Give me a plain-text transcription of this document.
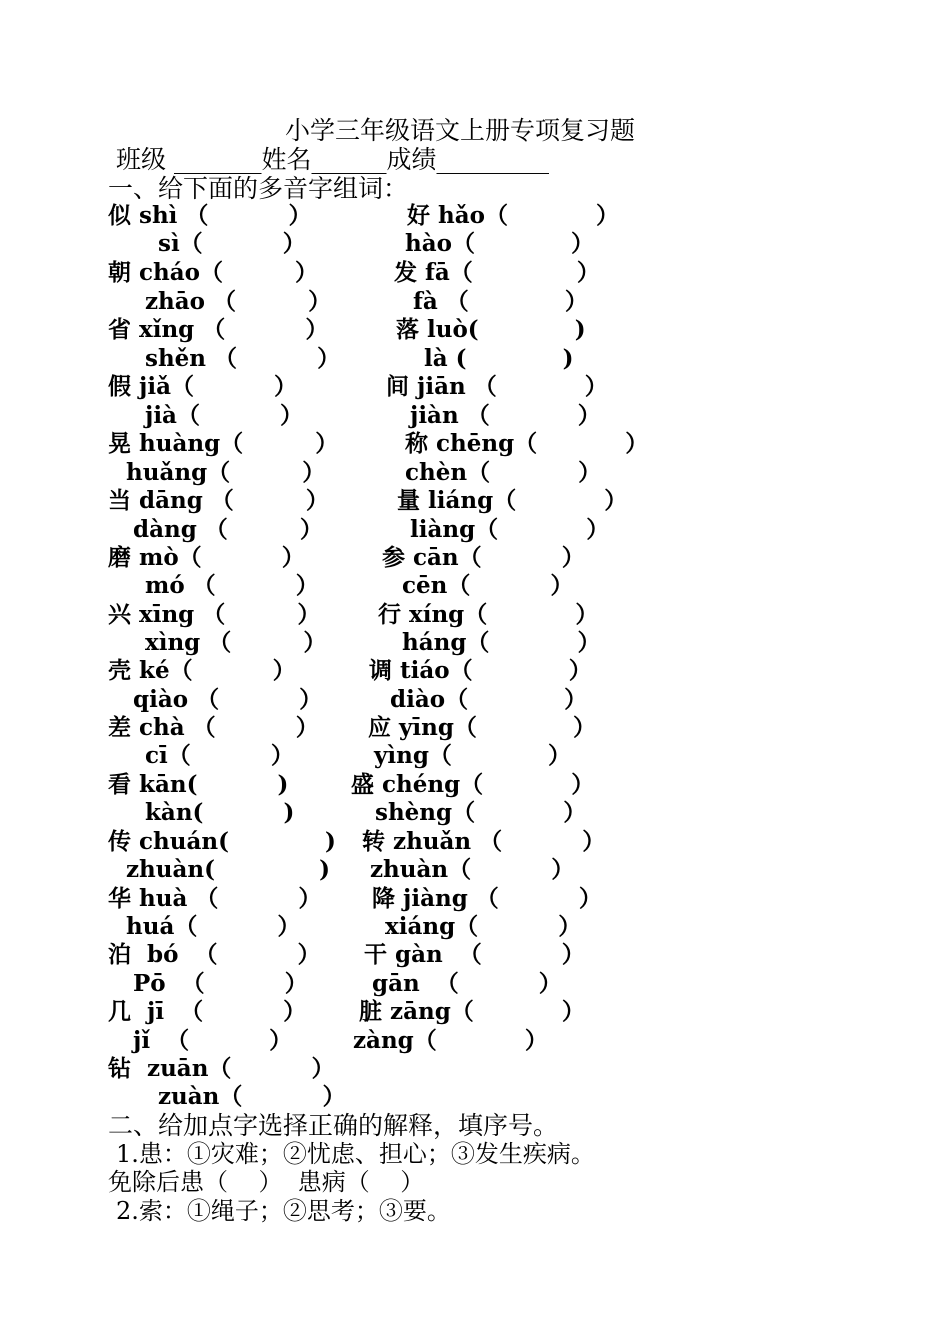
小学三年级语文上册专项复习题
班级 _______姓名______成绩_________
一、给下面的多音字组词：
似 shì （          ）
sì（          ）
朝 cháo（         ）
zhāo （         ）
省 xǐng （          ）
shěn （          ）
假 jiǎ（          ）
jià（          ）
晃 huàng（         ）
huǎng（         ）
当 dāng （         ）
dàng （         ）
磨 mò（          ）
mó （          ）
兴 xīng （         ）
xìng （         ）
壳 ké（          ）
qiào （          ）
差 chà （          ）
cī（          ）
看 kān(          )
kàn(          )
传 chuán(            )
zhuàn(             )
华 huà （          ）
huá（          ）
泊  bó  （          ）
Pō  （          ）
几  jī  （          ）
jǐ  （          ）
钻  zuān（          ）
zuàn（          ）
好 hǎo（           ）
hào（            ）
发 fā（             ）
fà （            ）
落 luò(            )
là (            )
间 jiān （           ）
jiàn （           ）
称 chēng（           ）
chèn（           ）
量 liáng（           ）
liàng（           ）
参 cān（          ）
cēn（          ）
行 xíng（           ）
háng（           ）
调 tiáo（            ）
diào（            ）
应 yīng（            ）
yìng（            ）
盛 chéng（           ）
shèng（           ）
转 zhuǎn （          ）
zhuàn（          ）
降 jiàng （          ）
xiáng（          ）
干 gàn  （          ）
gān  （          ）
脏 zāng（           ）
zàng（           ）
二、给加点字选择正确的解释，填序号。
1.患：①灾难；②忧虑、担心；③发生疾病。
免除后患（    ）  患病（    ）
2.索：①绳子；②思考；③要。
